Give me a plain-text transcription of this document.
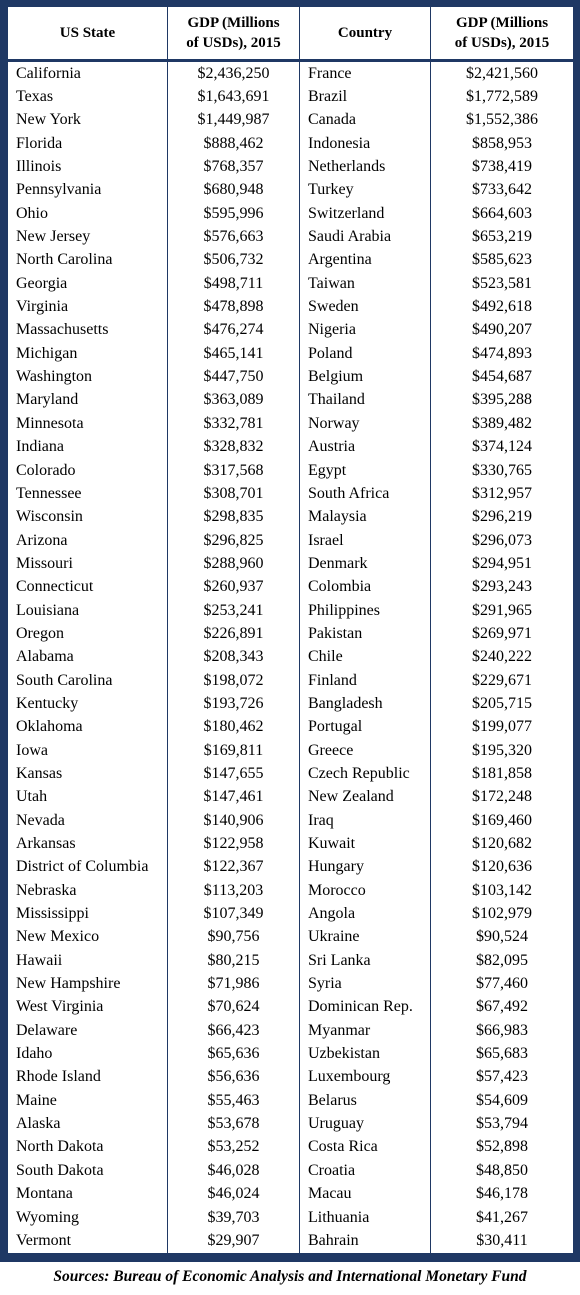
US State	GDP (Millions
of USDs), 2015	Country	GDP (Millions
of USDs), 2015
California	$2,436,250	France	$2,421,560
Texas	$1,643,691	Brazil	$1,772,589
New York	$1,449,987	Canada	$1,552,386
Florida	$888,462	Indonesia	$858,953
Illinois	$768,357	Netherlands	$738,419
Pennsylvania	$680,948	Turkey	$733,642
Ohio	$595,996	Switzerland	$664,603
New Jersey	$576,663	Saudi Arabia	$653,219
North Carolina	$506,732	Argentina	$585,623
Georgia	$498,711	Taiwan	$523,581
Virginia	$478,898	Sweden	$492,618
Massachusetts	$476,274	Nigeria	$490,207
Michigan	$465,141	Poland	$474,893
Washington	$447,750	Belgium	$454,687
Maryland	$363,089	Thailand	$395,288
Minnesota	$332,781	Norway	$389,482
Indiana	$328,832	Austria	$374,124
Colorado	$317,568	Egypt	$330,765
Tennessee	$308,701	South Africa	$312,957
Wisconsin	$298,835	Malaysia	$296,219
Arizona	$296,825	Israel	$296,073
Missouri	$288,960	Denmark	$294,951
Connecticut	$260,937	Colombia	$293,243
Louisiana	$253,241	Philippines	$291,965
Oregon	$226,891	Pakistan	$269,971
Alabama	$208,343	Chile	$240,222
South Carolina	$198,072	Finland	$229,671
Kentucky	$193,726	Bangladesh	$205,715
Oklahoma	$180,462	Portugal	$199,077
Iowa	$169,811	Greece	$195,320
Kansas	$147,655	Czech Republic	$181,858
Utah	$147,461	New Zealand	$172,248
Nevada	$140,906	Iraq	$169,460
Arkansas	$122,958	Kuwait	$120,682
District of Columbia	$122,367	Hungary	$120,636
Nebraska	$113,203	Morocco	$103,142
Mississippi	$107,349	Angola	$102,979
New Mexico	$90,756	Ukraine	$90,524
Hawaii	$80,215	Sri Lanka	$82,095
New Hampshire	$71,986	Syria	$77,460
West Virginia	$70,624	Dominican Rep.	$67,492
Delaware	$66,423	Myanmar	$66,983
Idaho	$65,636	Uzbekistan	$65,683
Rhode Island	$56,636	Luxembourg	$57,423
Maine	$55,463	Belarus	$54,609
Alaska	$53,678	Uruguay	$53,794
North Dakota	$53,252	Costa Rica	$52,898
South Dakota	$46,028	Croatia	$48,850
Montana	$46,024	Macau	$46,178
Wyoming	$39,703	Lithuania	$41,267
Vermont	$29,907	Bahrain	$30,411
Sources: Bureau of Economic Analysis and International Monetary Fund
